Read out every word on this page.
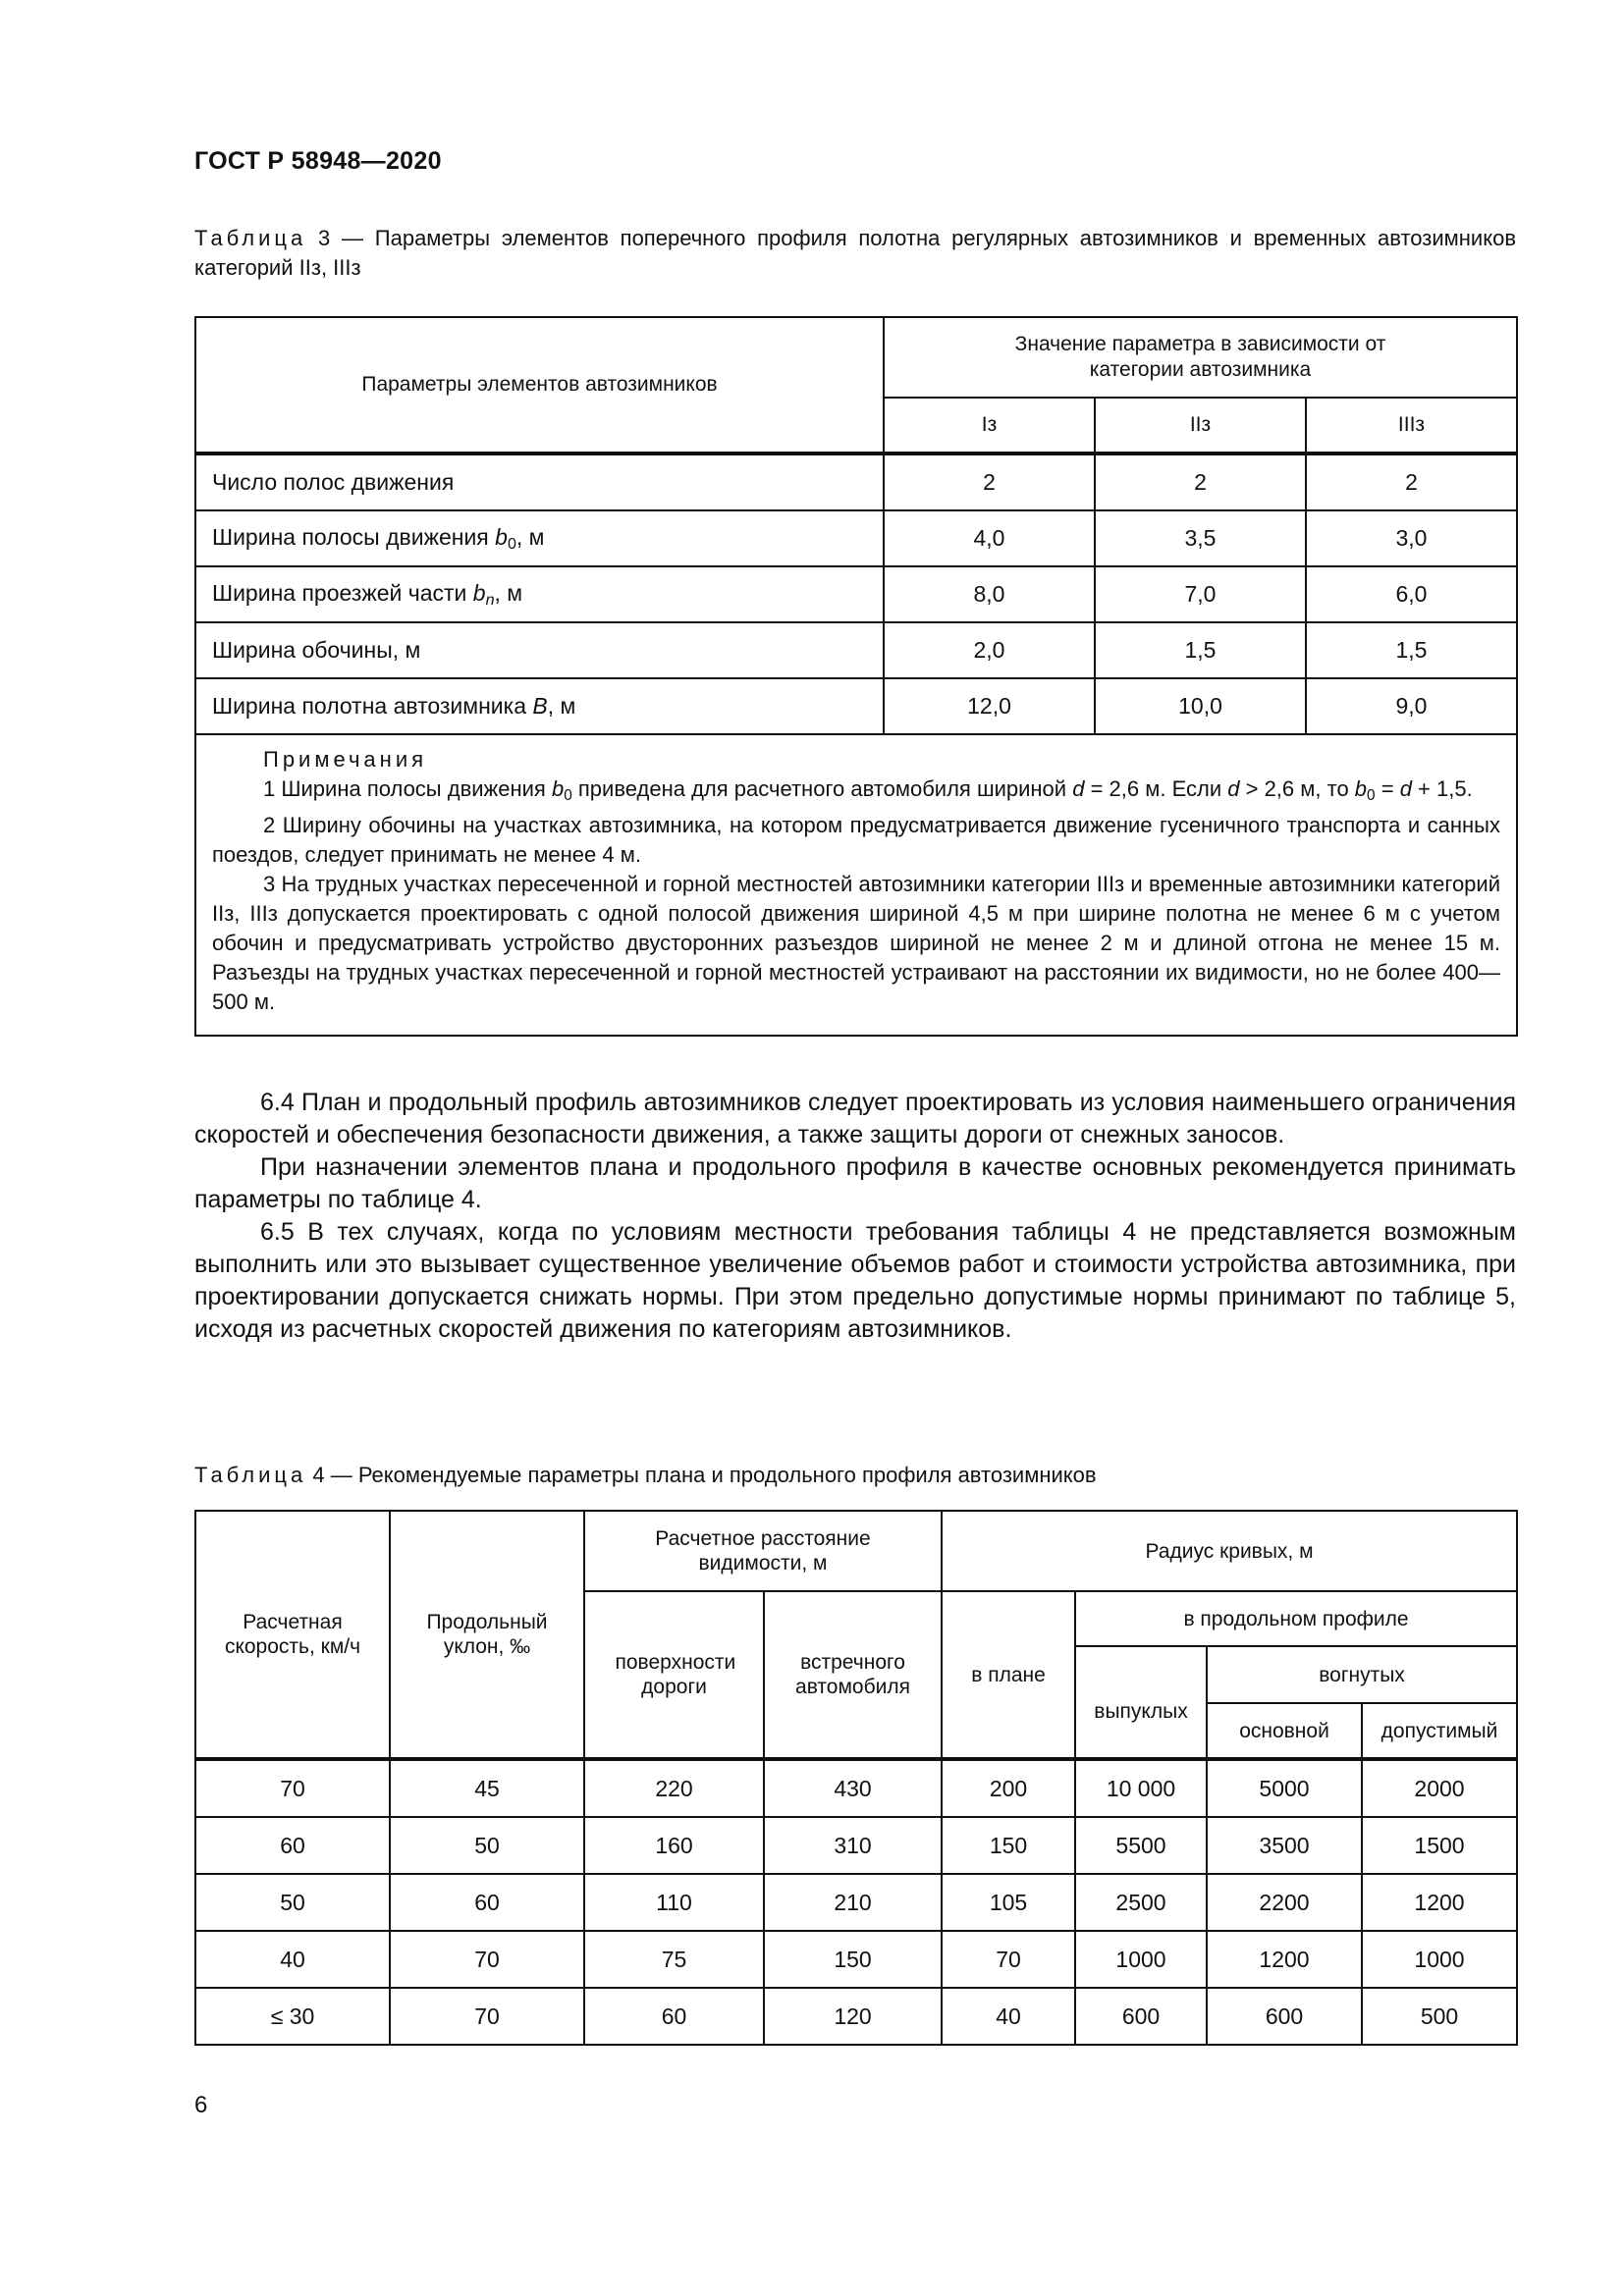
ГОСТ Р 58948—2020
Таблица 3 — Параметры элементов поперечного профиля полотна регулярных автозимников и временных автозимников категорий IIз, IIIз
Параметры элементов автозимников	Значение параметра в зависимости от категории автозимника		

	Iз	IIз	IIIз
Число полос движения	2	2	2
Ширина полосы движения $b_0$, м	4,0	3,5	3,0
Ширина проезжей части $b_n$, м	8,0	7,0	6,0
Ширина обочины, м	2,0	1,5	1,5
Ширина полотна автозимника B, м	12,0	10,0	9,0

Примечания
1 Ширина полосы движения $b_0$ приведена для расчетного автомобиля шириной d = 2,6 м. Если d > 2,6 м, то $b_0 = d + 1,5$.
2 Ширину обочины на участках автозимника, на котором предусматривается движение гусеничного транспорта и санных поездов, следует принимать не менее 4 м.
3 На трудных участках пересеченной и горной местностей автозимники категории IIIз и временные автозимники категорий IIз, IIIз допускается проектировать с одной полосой движения шириной 4,5 м при ширине полотна не менее 6 м с учетом обочин и предусматривать устройство двусторонних разъездов шириной не менее 2 м и длиной отгона не менее 15 м. Разъезды на трудных участках пересеченной и горной местностей устраивают на расстоянии их видимости, но не более 400—500 м.			

6.4 План и продольный профиль автозимников следует проектировать из условия наименьшего ограничения скоростей и обеспечения безопасности движения, а также защиты дороги от снежных заносов.

При назначении элементов плана и продольного профиля в качестве основных рекомендуется принимать параметры по таблице 4.

6.5 В тех случаях, когда по условиям местности требования таблицы 4 не представляется возможным выполнить или это вызывает существенное увеличение объемов работ и стоимости устройства автозимника, при проектировании допускается снижать нормы. При этом предельно допустимые нормы принимают по таблице 5, исходя из расчетных скоростей движения по категориям автозимников.

Таблица 4 — Рекомендуемые параметры плана и продольного профиля автозимников
Расчетная скорость, км/ч	Продольный уклон, ‰	Расчетное расстояние видимости, м		Радиус кривых, м			

		поверхности дороги	встречного автомобиля	в плане	в продольном профиле		
					выпуклых	вогнутых	
						основной	допустимый
70	45	220	430	200	10 000	5000	2000
60	50	160	310	150	5500	3500	1500
50	60	110	210	105	2500	2200	1200
40	70	75	150	70	1000	1200	1000
≤ 30	70	60	120	40	600	600	500
6
